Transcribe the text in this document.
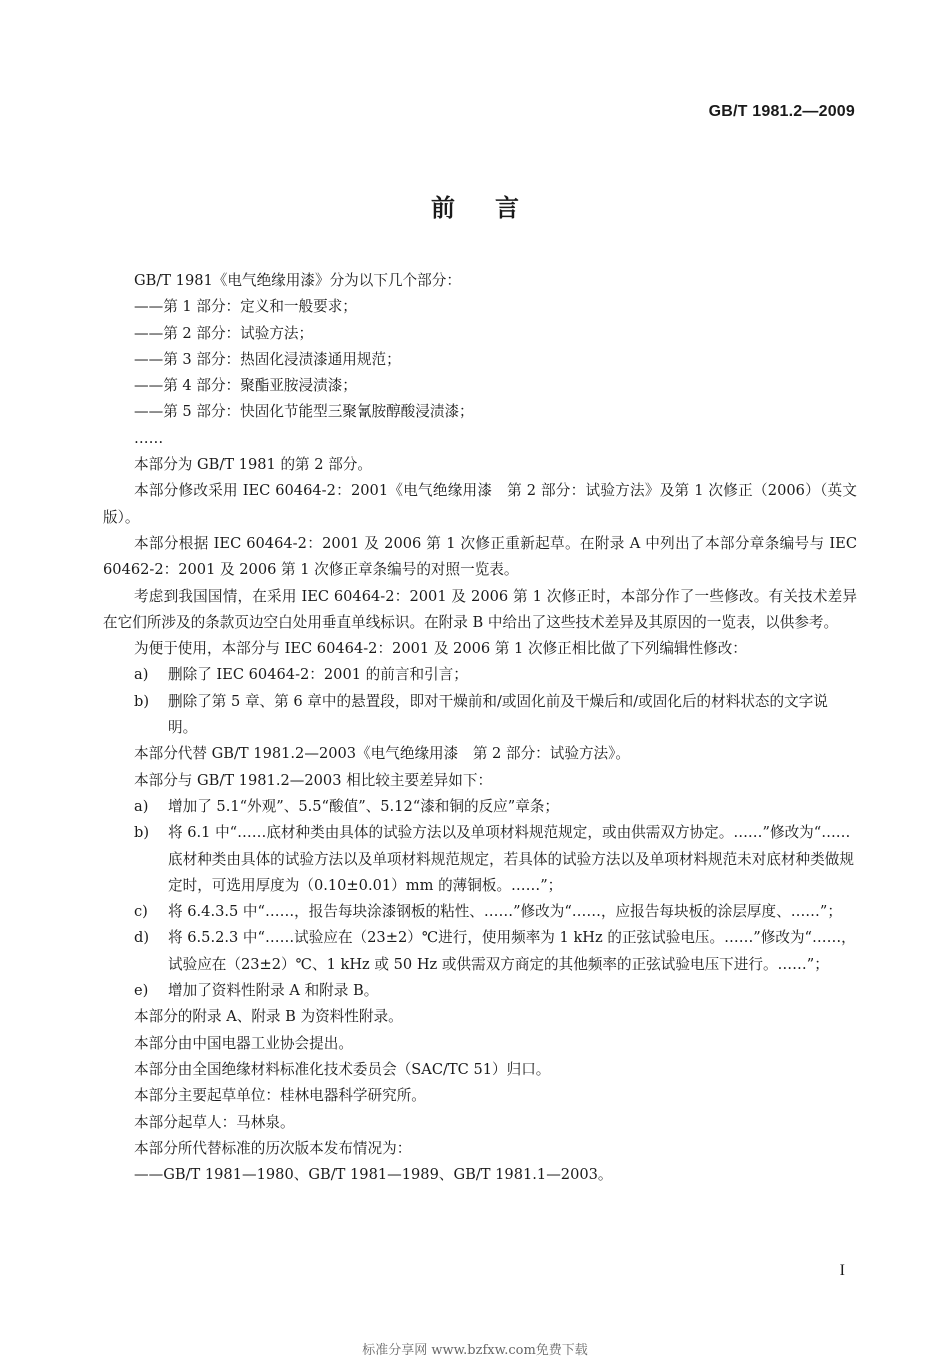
GB/T 1981.2—2009
前言

GB/T 1981《电气绝缘用漆》分为以下几个部分：

——第 1 部分：定义和一般要求；

——第 2 部分：试验方法；

——第 3 部分：热固化浸渍漆通用规范；

——第 4 部分：聚酯亚胺浸渍漆；

——第 5 部分：快固化节能型三聚氰胺醇酸浸渍漆；

……

本部分为 GB/T 1981 的第 2 部分。

本部分修改采用 IEC 60464-2：2001《电气绝缘用漆　第 2 部分：试验方法》及第 1 次修正（2006）（英文版）。

本部分根据 IEC 60464-2：2001 及 2006 第 1 次修正重新起草。在附录 A 中列出了本部分章条编号与 IEC 60462-2：2001 及 2006 第 1 次修正章条编号的对照一览表。

考虑到我国国情，在采用 IEC 60464-2：2001 及 2006 第 1 次修正时，本部分作了一些修改。有关技术差异在它们所涉及的条款页边空白处用垂直单线标识。在附录 B 中给出了这些技术差异及其原因的一览表，以供参考。

为便于使用，本部分与 IEC 60464-2：2001 及 2006 第 1 次修正相比做了下列编辑性修改：

a) 删除了 IEC 60464-2：2001 的前言和引言；

b) 删除了第 5 章、第 6 章中的悬置段，即对干燥前和/或固化前及干燥后和/或固化后的材料状态的文字说明。

本部分代替 GB/T 1981.2—2003《电气绝缘用漆　第 2 部分：试验方法》。

本部分与 GB/T 1981.2—2003 相比较主要差异如下：

a) 增加了 5.1“外观”、5.5“酸值”、5.12“漆和铜的反应”章条；

b) 将 6.1 中“……底材种类由具体的试验方法以及单项材料规范规定，或由供需双方协定。……”修改为“……底材种类由具体的试验方法以及单项材料规范规定，若具体的试验方法以及单项材料规范未对底材种类做规定时，可选用厚度为（0.10±0.01）mm 的薄铜板。……”；

c) 将 6.4.3.5 中“……，报告每块涂漆钢板的粘性、……”修改为“……，应报告每块板的涂层厚度、……”；

d) 将 6.5.2.3 中“……试验应在（23±2）℃进行，使用频率为 1 kHz 的正弦试验电压。……”修改为“……，试验应在（23±2）℃、1 kHz 或 50 Hz 或供需双方商定的其他频率的正弦试验电压下进行。……”；

e) 增加了资料性附录 A 和附录 B。

本部分的附录 A、附录 B 为资料性附录。

本部分由中国电器工业协会提出。

本部分由全国绝缘材料标准化技术委员会（SAC/TC 51）归口。

本部分主要起草单位：桂林电器科学研究所。

本部分起草人：马林泉。

本部分所代替标准的历次版本发布情况为：

——GB/T 1981—1980、GB/T 1981—1989、GB/T 1981.1—2003。

I
标准分享网 www.bzfxw.com免费下载
